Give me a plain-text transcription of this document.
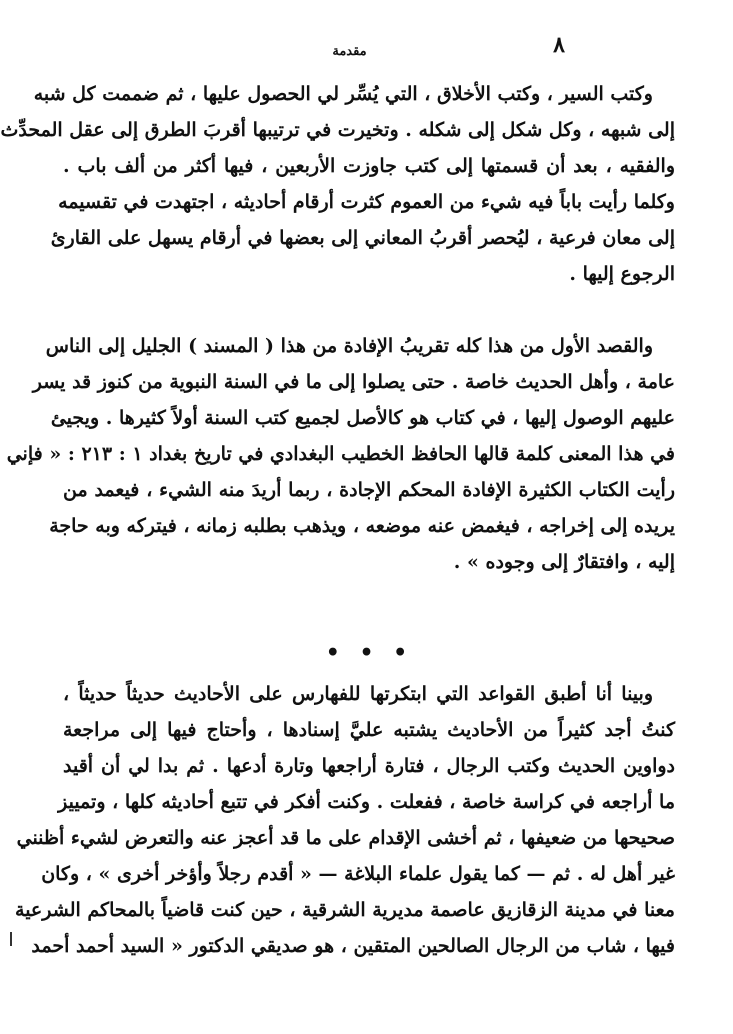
٨
مقدمة
وكتب السير ، وكتب الأخلاق ، التي يُسِّر لي الحصول عليها ، ثم ضممت كل شبه
إلى شبهه ، وكل شكل إلى شكله . وتخيرت في ترتيبها أقربَ الطرق إلى عقل المحدِّث
والفقيه ، بعد أن قسمتها إلى كتب جاوزت الأربعين ، فيها أكثر من ألف باب .
وكلما رأيت باباً فيه شيء من العموم كثرت أرقام أحاديثه ، اجتهدت في تقسيمه
إلى معان فرعية ، ليُحصر أقربُ المعاني إلى بعضها في أرقام يسهل على القارئ
الرجوع إليها .
والقصد الأول من هذا كله تقريبُ الإفادة من هذا ( المسند ) الجليل إلى الناس
عامة ، وأهل الحديث خاصة . حتى يصلوا إلى ما في السنة النبوية من كنوز قد يسر
عليهم الوصول إليها ، في كتاب هو كالأصل لجميع كتب السنة أولاً كثيرها . ويجيئ
في هذا المعنى كلمة قالها الحافظ الخطيب البغدادي في تاريخ بغداد ١ : ٢١٣ : « فإني
رأيت الكتاب الكثيرة الإفادة المحكم الإجادة ، ربما أريدَ منه الشيء ، فيعمد من
يريده إلى إخراجه ، فيغمض عنه موضعه ، ويذهب بطلبه زمانه ، فيتركه وبه حاجة
إليه ، وافتقارٌ إلى وجوده » .
• • •
وبينا أنا أطبق القواعد التي ابتكرتها للفهارس على الأحاديث حديثاً حديثاً ،
كنتُ أجد كثيراً من الأحاديث يشتبه عليَّ إسنادها ، وأحتاج فيها إلى مراجعة
دواوين الحديث وكتب الرجال ، فتارة أراجعها وتارة أدعها . ثم بدا لي أن أقيد
ما أراجعه في كراسة خاصة ، ففعلت . وكنت أفكر في تتبع أحاديثه كلها ، وتمييز
صحيحها من ضعيفها ، ثم أخشى الإقدام على ما قد أعجز عنه والتعرض لشيء أظنني
غير أهل له . ثم — كما يقول علماء البلاغة — « أقدم رجلاً وأؤخر أخرى » ، وكان
معنا في مدينة الزقازيق عاصمة مديرية الشرقية ، حين كنت قاضياً بالمحاكم الشرعية
فيها ، شاب من الرجال الصالحين المتقين ، هو صديقي الدكتور « السيد أحمد أحمد
